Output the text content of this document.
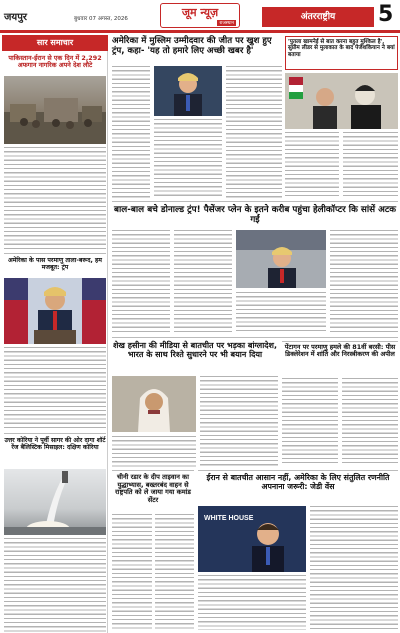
जयपुर	बुधवार 07 अगस्त, 2026	जूम न्यूज़
राजस्थान
अंतरराष्ट्रीय	5
सार समाचार
पाकिस्तान-ईरान से एक दिन में 2,292 अफगान नागरिक अपने देश लौटे
अमेरिका के पास परमाणु ताला-बरूद, हम मजबूत: ट्रंप
उत्तर कोरिया ने पूर्वी सागर की ओर दागा शॉर्ट रेंज बैलिस्टिक मिसाइल: दक्षिण कोरिया
अमेरिका में मुस्लिम उम्मीदवार की जीत पर खुश हुए ट्रंप, कहा- 'यह तो हमारे लिए अच्छी खबर है'
'पुतला खामनेई से बात करना बहुत मुश्किल है', सुप्रीम लीडर से मुलाकात के बाद पेजेशकियान ने बयां बताया
बाल-बाल बचे डोनाल्ड ट्रंप! पैसेंजर प्लेन के इतने करीब पहुंचा हेलीकॉप्टर कि सांसें अटक गईं
शेख हसीना की मीडिया से बातचीत पर भड़का बांग्लादेश, भारत के साथ रिश्ते सुधारने पर भी बयान दिया
पेंटागन पर परमाणु हमले की 81वीं बरसी: पीस डिक्लेरेशन में शांति और निरस्त्रीकरण की अपील
ईरान से बातचीत आसान नहीं, अमेरिका के लिए संतुलित रणनीति अपनाना जरूरी: जेडी वेंस
WHITE HOUSE
चीनी रडार के दीप ताइवान का युद्धाभ्यास, बख्तरबंद वाहन से राष्ट्रपति को ले जाया गया कमांड सेंटर
